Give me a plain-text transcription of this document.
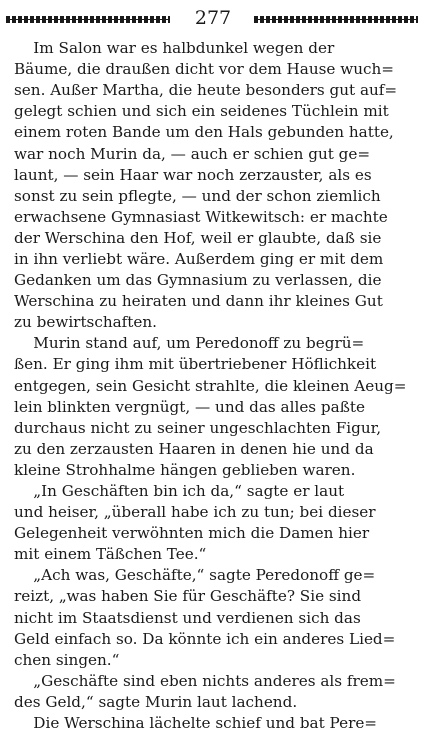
277
Im Salon war es halbdunkel wegen der
Bäume, die draußen dicht vor dem Hause wuch=
sen. Außer Martha, die heute besonders gut auf=
gelegt schien und sich ein seidenes Tüchlein mit
einem roten Bande um den Hals gebunden hatte,
war noch Murin da, — auch er schien gut ge=
launt, — sein Haar war noch zerzauster, als es
sonst zu sein pflegte, — und der schon ziemlich
erwachsene Gymnasiast Witkewitsch: er machte
der Werschina den Hof, weil er glaubte, daß sie
in ihn verliebt wäre. Außerdem ging er mit dem
Gedanken um das Gymnasium zu verlassen, die
Werschina zu heiraten und dann ihr kleines Gut
zu bewirtschaften.
Murin stand auf, um Peredonoff zu begrü=
ßen. Er ging ihm mit übertriebener Höflichkeit
entgegen, sein Gesicht strahlte, die kleinen Aeug=
lein blinkten vergnügt, — und das alles paßte
durchaus nicht zu seiner ungeschlachten Figur,
zu den zerzausten Haaren in denen hie und da
kleine Strohhalme hängen geblieben waren.
„In Geschäften bin ich da,“ sagte er laut
und heiser, „überall habe ich zu tun; bei dieser
Gelegenheit verwöhnten mich die Damen hier
mit einem Täßchen Tee.“
„Ach was, Geschäfte,“ sagte Peredonoff ge=
reizt, „was haben Sie für Geschäfte? Sie sind
nicht im Staatsdienst und verdienen sich das
Geld einfach so. Da könnte ich ein anderes Lied=
chen singen.“
„Geschäfte sind eben nichts anderes als frem=
des Geld,“ sagte Murin laut lachend.
Die Werschina lächelte schief und bat Pere=
